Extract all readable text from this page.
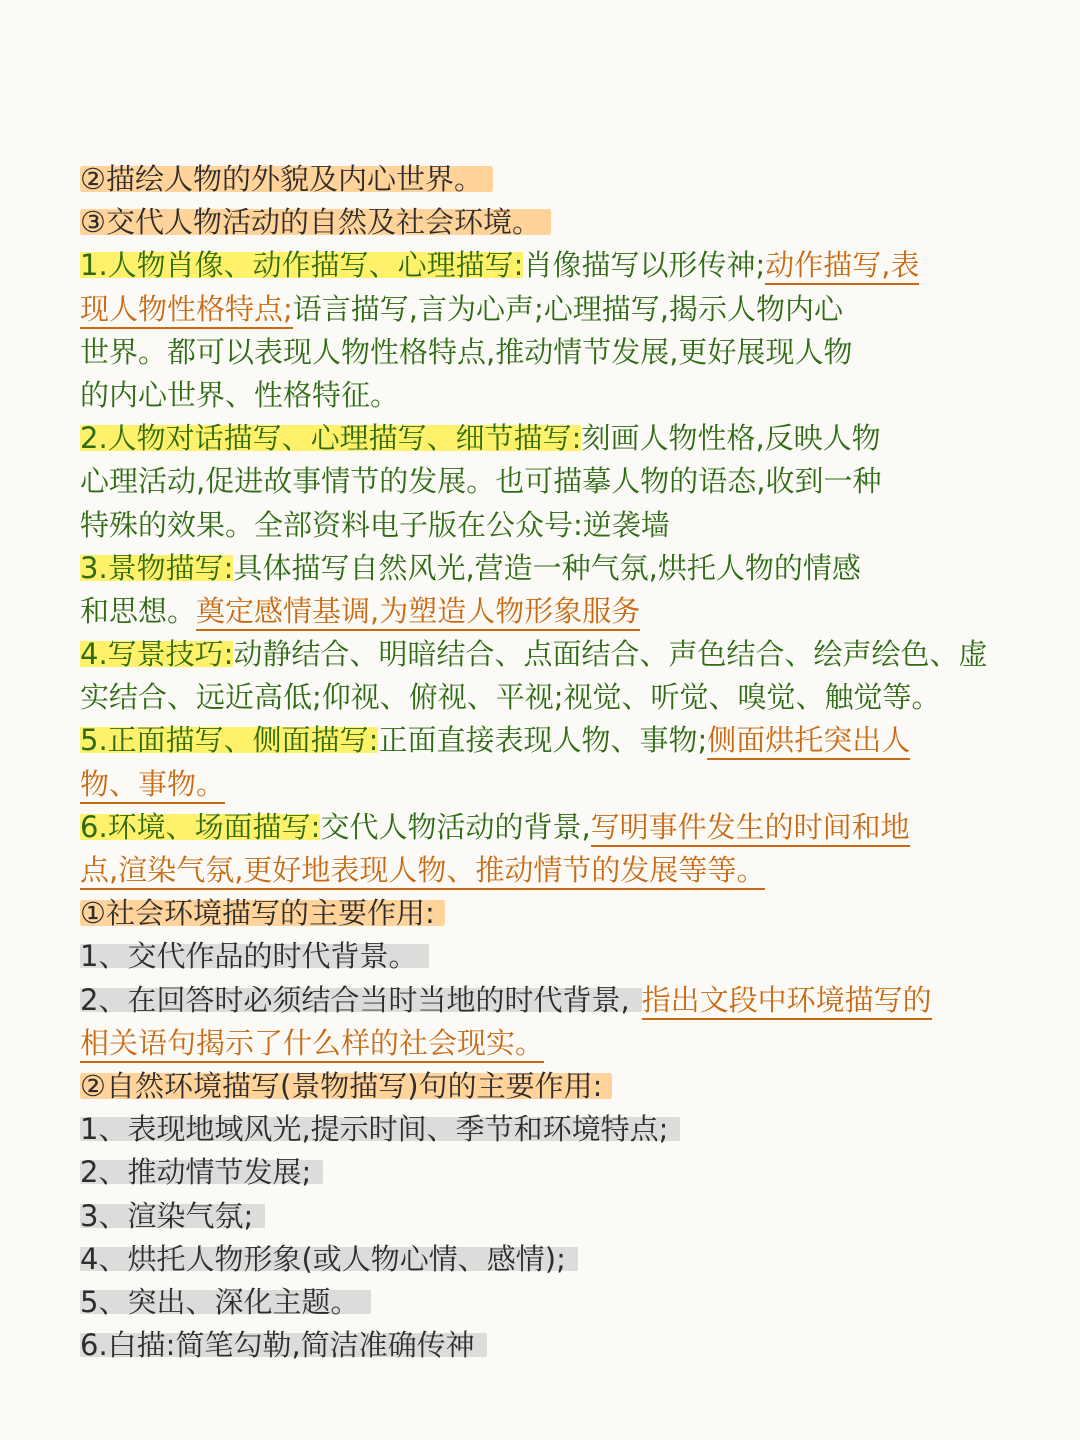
②描绘人物的外貌及内心世界。
③交代人物活动的自然及社会环境。
1.人物肖像、动作描写、心理描写:肖像描写以形传神;动作描写,表
现人物性格特点;语言描写,言为心声;心理描写,揭示人物内心
世界。都可以表现人物性格特点,推动情节发展,更好展现人物
的内心世界、性格特征。
2.人物对话描写、心理描写、细节描写:刻画人物性格,反映人物
心理活动,促进故事情节的发展。也可描摹人物的语态,收到一种
特殊的效果。全部资料电子版在公众号:逆袭墙
3.景物描写:具体描写自然风光,营造一种气氛,烘托人物的情感
和思想。奠定感情基调,为塑造人物形象服务
4.写景技巧:动静结合、明暗结合、点面结合、声色结合、绘声绘色、虚
实结合、远近高低;仰视、俯视、平视;视觉、听觉、嗅觉、触觉等。
5.正面描写、侧面描写:正面直接表现人物、事物;侧面烘托突出人
物、事物。
6.环境、场面描写:交代人物活动的背景,写明事件发生的时间和地
点,渲染气氛,更好地表现人物、推动情节的发展等等。
①社会环境描写的主要作用:
1、交代作品的时代背景。
2、在回答时必须结合当时当地的时代背景, 指出文段中环境描写的
相关语句揭示了什么样的社会现实。
②自然环境描写(景物描写)句的主要作用:
1、表现地域风光,提示时间、季节和环境特点;
2、推动情节发展;
3、渲染气氛;
4、烘托人物形象(或人物心情、感情);
5、突出、深化主题。
6.白描:简笔勾勒,简洁准确传神
